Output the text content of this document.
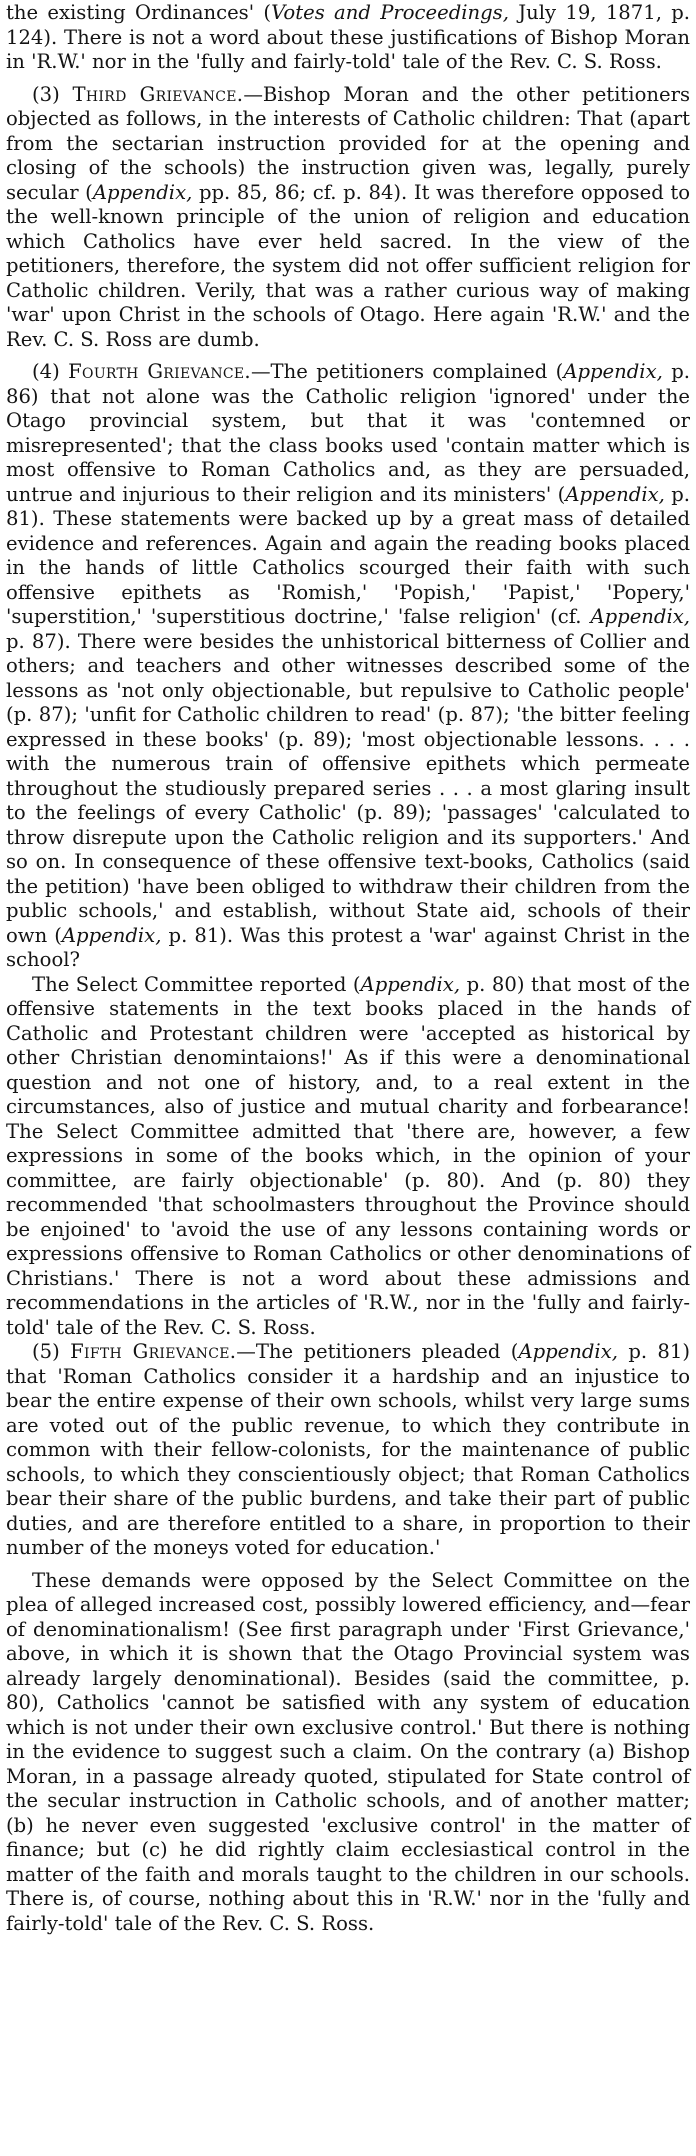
the existing Ordinances' (Votes and Proceedings, July 19, 1871, p. 124). There is not a word about these justifications of Bishop Moran in 'R.W.' nor in the 'fully and fairly-told' tale of the Rev. C. S. Ross.

(3) Third Grievance.—Bishop Moran and the other petitioners objected as follows, in the interests of Catholic children: That (apart from the sectarian instruction provided for at the opening and closing of the schools) the instruction given was, legally, purely secular (Appendix, pp. 85, 86; cf. p. 84). It was therefore opposed to the well-known principle of the union of religion and education which Catholics have ever held sacred. In the view of the petitioners, therefore, the system did not offer sufficient religion for Catholic children. Verily, that was a rather curious way of making 'war' upon Christ in the schools of Otago. Here again 'R.W.' and the Rev. C. S. Ross are dumb.

(4) Fourth Grievance.—The petitioners complained (Appendix, p. 86) that not alone was the Catholic religion 'ignored' under the Otago provincial system, but that it was 'contemned or misrepresented'; that the class books used 'contain matter which is most offensive to Roman Catholics and, as they are persuaded, untrue and injurious to their religion and its ministers' (Appendix, p. 81). These statements were backed up by a great mass of detailed evidence and references. Again and again the reading books placed in the hands of little Catholics scourged their faith with such offensive epithets as 'Romish,' 'Popish,' 'Papist,' 'Popery,' 'superstition,' 'superstitious doctrine,' 'false religion' (cf. Appendix, p. 87). There were besides the unhistorical bitterness of Collier and others; and teachers and other witnesses described some of the lessons as 'not only objectionable, but repulsive to Catholic people' (p. 87); 'unfit for Catholic children to read' (p. 87); 'the bitter feeling expressed in these books' (p. 89); 'most objectionable lessons. . . . with the numerous train of offensive epithets which permeate throughout the studiously prepared series . . . a most glaring insult to the feelings of every Catholic' (p. 89); 'passages' 'calculated to throw disrepute upon the Catholic religion and its supporters.' And so on. In consequence of these offensive text-books, Catholics (said the petition) 'have been obliged to withdraw their children from the public schools,' and establish, without State aid, schools of their own (Appendix, p. 81). Was this protest a 'war' against Christ in the school?

The Select Committee reported (Appendix, p. 80) that most of the offensive statements in the text books placed in the hands of Catholic and Protestant children were 'accepted as historical by other Christian denomintaions!' As if this were a denominational question and not one of history, and, to a real extent in the circumstances, also of justice and mutual charity and forbearance! The Select Committee admitted that 'there are, however, a few expressions in some of the books which, in the opinion of your committee, are fairly objectionable' (p. 80). And (p. 80) they recommended 'that schoolmasters throughout the Province should be enjoined' to 'avoid the use of any lessons containing words or expressions offensive to Roman Catholics or other denominations of Christians.' There is not a word about these admissions and recommendations in the articles of 'R.W., nor in the 'fully and fairly-told' tale of the Rev. C. S. Ross.

(5) Fifth Grievance.—The petitioners pleaded (Appendix, p. 81) that 'Roman Catholics consider it a hardship and an injustice to bear the entire expense of their own schools, whilst very large sums are voted out of the public revenue, to which they contribute in common with their fellow-colonists, for the maintenance of public schools, to which they conscientiously object; that Roman Catholics bear their share of the public burdens, and take their part of public duties, and are therefore entitled to a share, in proportion to their number of the moneys voted for education.'

These demands were opposed by the Select Committee on the plea of alleged increased cost, possibly lowered efficiency, and—fear of denominationalism! (See first paragraph under 'First Grievance,' above, in which it is shown that the Otago Provincial system was already largely denominational). Besides (said the committee, p. 80), Catholics 'cannot be satisfied with any system of education which is not under their own exclusive control.' But there is nothing in the evidence to suggest such a claim. On the contrary (a) Bishop Moran, in a passage already quoted, stipulated for State control of the secular instruction in Catholic schools, and of another matter; (b) he never even suggested 'exclusive control' in the matter of finance; but (c) he did rightly claim ecclesiastical control in the matter of the faith and morals taught to the children in our schools. There is, of course, nothing about this in 'R.W.' nor in the 'fully and fairly-told' tale of the Rev. C. S. Ross.
